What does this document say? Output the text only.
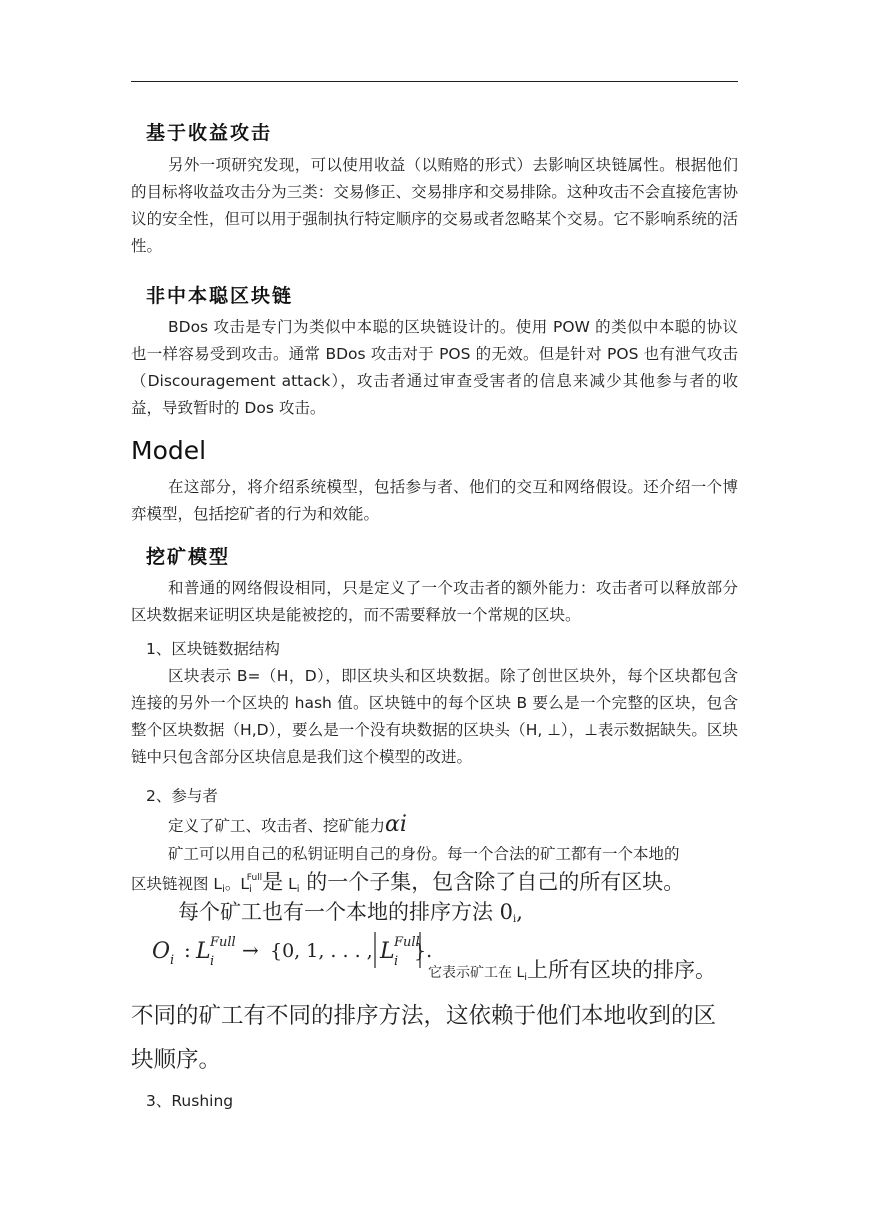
基于收益攻击
另外一项研究发现，可以使用收益（以贿赂的形式）去影响区块链属性。根据他们的目标将收益攻击分为三类：交易修正、交易排序和交易排除。这种攻击不会直接危害协议的安全性，但可以用于强制执行特定顺序的交易或者忽略某个交易。它不影响系统的活性。
非中本聪区块链
BDos 攻击是专门为类似中本聪的区块链设计的。使用 POW 的类似中本聪的协议也一样容易受到攻击。通常 BDos 攻击对于 POS 的无效。但是针对 POS 也有泄气攻击（Discouragement attack），攻击者通过审查受害者的信息来减少其他参与者的收益，导致暂时的 Dos 攻击。
Model
在这部分，将介绍系统模型，包括参与者、他们的交互和网络假设。还介绍一个博弈模型，包括挖矿者的行为和效能。
挖矿模型
和普通的网络假设相同，只是定义了一个攻击者的额外能力：攻击者可以释放部分区块数据来证明区块是能被挖的，而不需要释放一个常规的区块。
1、区块链数据结构
区块表示 B=（H，D），即区块头和区块数据。除了创世区块外，每个区块都包含连接的另外一个区块的 hash 值。区块链中的每个区块 B 要么是一个完整的区块，包含整个区块数据（H,D），要么是一个没有块数据的区块头（H, ⊥），⊥表示数据缺失。区块链中只包含部分区块信息是我们这个模型的改进。
2、参与者
定义了矿工、攻击者、挖矿能力αi
矿工可以用自己的私钥证明自己的身份。每一个合法的矿工都有一个本地的
区块链视图 $L_i$。$L_i^{Full}$是 $L_i$ 的一个子集，包含除了自己的所有区块。
每个矿工也有一个本地的排序方法 $0_i$,
O i : L Full
i → {0, 1, . . . , L Full
i }.
它表示矿工在 $L_i$上所有区块的排序。
不同的矿工有不同的排序方法，这依赖于他们本地收到的区
块顺序。
3、Rushing
